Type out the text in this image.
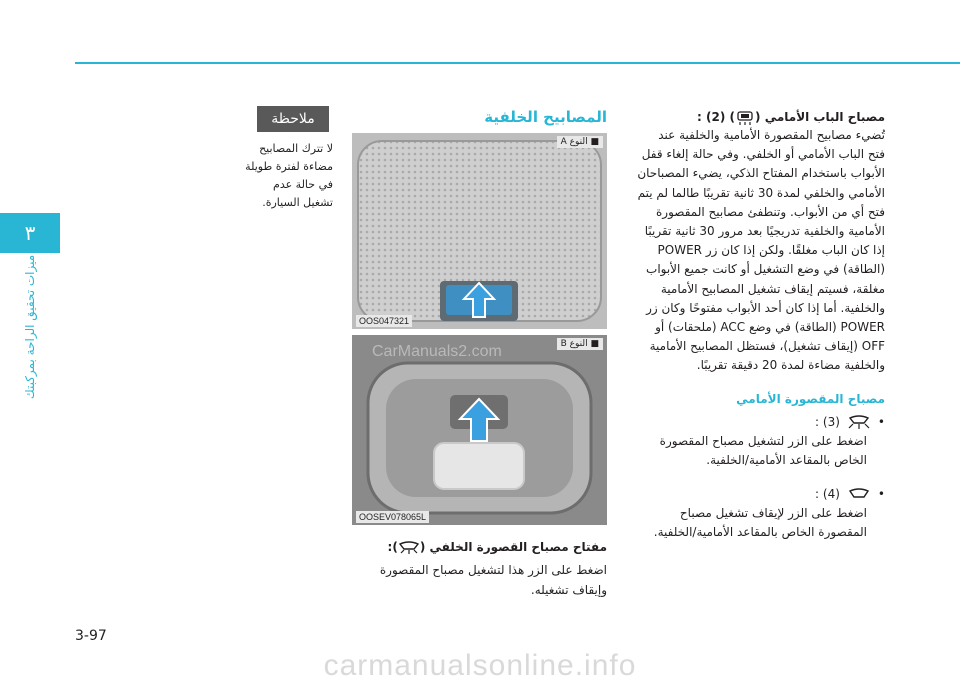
٣
ميزات تحقيق الراحة بمركبتك
ملاحظة
لا تترك المصابيح مضاءة لفترة طويلة في حالة عدم تشغيل السيارة.
المصابيح الخلفية
■ النوع A
OOS047321
CarManuals2.com	■ النوع B
OOSEV078065L
مفتاح مصباح القصورة الخلفي ():
اضغط على الزر هذا لتشغيل مصباح المقصورة وإيقاف تشغيله.
مصباح الباب الأمامي () (2) :

تُضيء مصابيح المقصورة الأمامية والخلفية عند

فتح الباب الأمامي أو الخلفي. وفي حالة إلغاء قفل

الأبواب باستخدام المفتاح الذكي، يضيء المصباحان

الأمامي والخلفي لمدة 30 ثانية تقريبًا طالما لم يتم

فتح أي من الأبواب. وتنطفئ مصابيح المقصورة

الأمامية والخلفية تدريجيًا بعد مرور 30 ثانية تقريبًا

إذا كان الباب مغلقًا. ولكن إذا كان زر POWER

(الطاقة) في وضع التشغيل أو كانت جميع الأبواب

مغلقة، فسيتم إيقاف تشغيل المصابيح الأمامية

والخلفية. أما إذا كان أحد الأبواب مفتوحًا وكان زر

POWER (الطاقة) في وضع ACC (ملحقات) أو

OFF (إيقاف تشغيل)، فستظل المصابيح الأمامية

والخلفية مضاءة لمدة 20 دقيقة تقريبًا.

مصباح المقصورة الأمامي
•
(3) :
اضغط على الزر لتشغيل مصباح المقصورة
الخاص بالمقاعد الأمامية/الخلفية.
•
(4) :
اضغط على الزر لإيقاف تشغيل مصباح
المقصورة الخاص بالمقاعد الأمامية/الخلفية.
3-97
carmanualsonline.info
